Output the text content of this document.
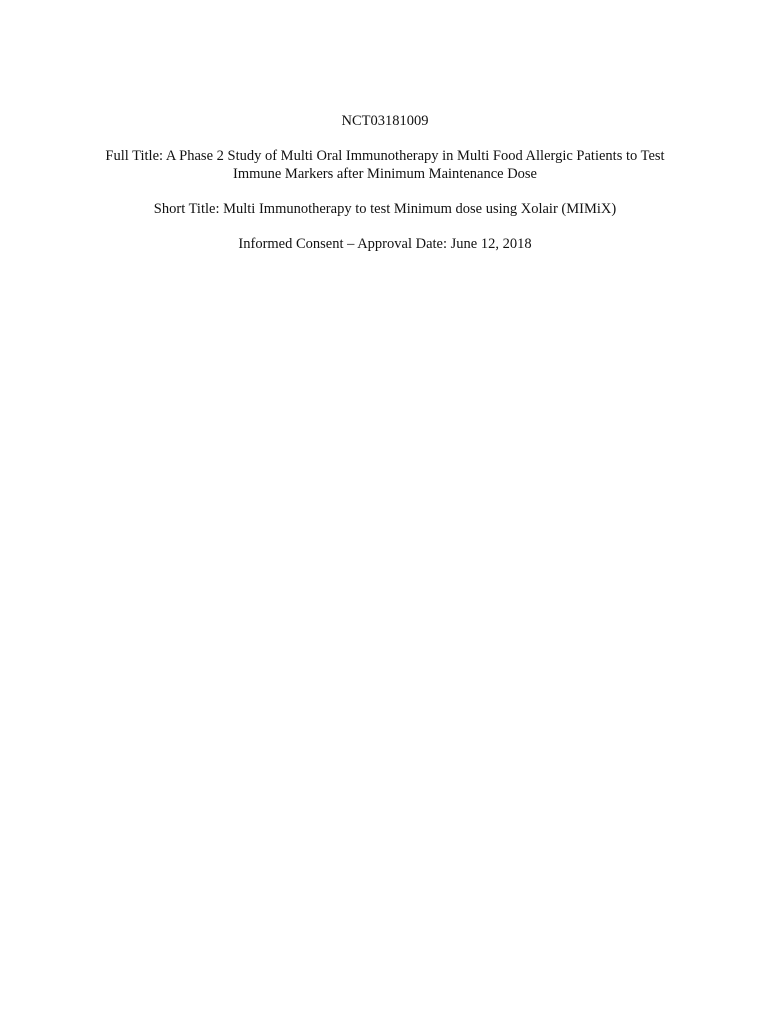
NCT03181009

Full Title: A Phase 2 Study of Multi Oral Immunotherapy in Multi Food Allergic Patients to Test

Immune Markers after Minimum Maintenance Dose

Short Title: Multi Immunotherapy to test Minimum dose using Xolair (MIMiX)

Informed Consent – Approval Date: June 12, 2018
